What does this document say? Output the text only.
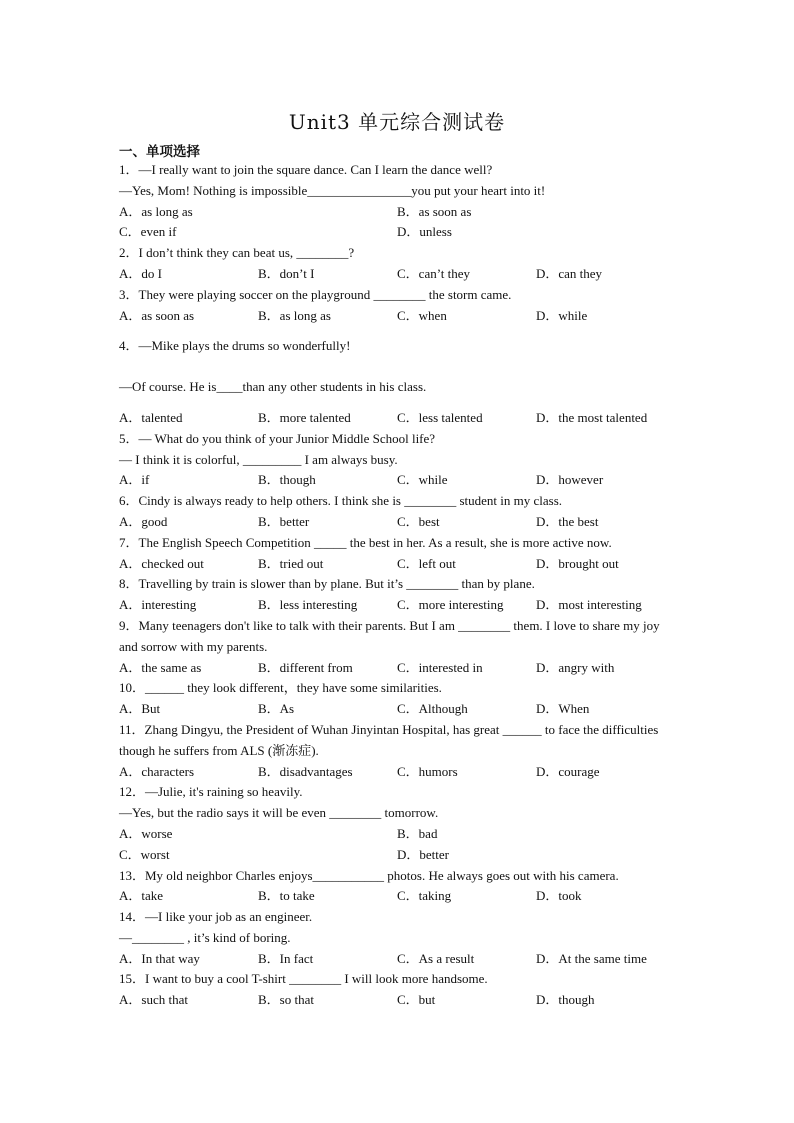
Unit3 单元综合测试卷
一、单项选择
1．—I really want to join the square dance. Can I learn the dance well?
—Yes, Mom! Nothing is impossible________________you put your heart into it!
A．as long as	B．as soon as
C．even if	D．unless
2．I don’t think they can beat us, ________?
A．do I	B．don’t I	C．can’t they	D．can they
3．They were playing soccer on the playground ________ the storm came.
A．as soon as	B．as long as	C．when	D．while
4．—Mike plays the drums so wonderfully!
—Of course. He is____than any other students in his class.
A．talented	B．more talented	C．less talented	D．the most talented
5．— What do you think of your Junior Middle School life?
— I think it is colorful, _________ I am always busy.
A．if	B．though	C．while	D．however
6．Cindy is always ready to help others. I think she is ________ student in my class.
A．good	B．better	C．best	D．the best
7．The English Speech Competition _____ the best in her. As a result, she is more active now.
A．checked out	B．tried out	C．left out	D．brought out
8．Travelling by train is slower than by plane. But it’s ________ than by plane.
A．interesting	B．less interesting	C．more interesting	D．most interesting
9．Many teenagers don't like to talk with their parents. But I am ________ them. I love to share my joy and sorrow with my parents.
A．the same as	B．different from	C．interested in	D．angry with
10．______ they look different，they have some similarities.
A．But	B．As	C．Although	D．When
11．Zhang Dingyu, the President of Wuhan Jinyintan Hospital, has great ______ to face the difficulties though he suffers from ALS (渐冻症).
A．characters	B．disadvantages	C．humors	D．courage
12．—Julie, it's raining so heavily.
—Yes, but the radio says it will be even ________ tomorrow.
A．worse	B．bad
C．worst	D．better
13．My old neighbor Charles enjoys___________ photos. He always goes out with his camera.
A．take	B．to take	C．taking	D．took
14．—I like your job as an engineer.
—________ , it’s kind of boring.
A．In that way	B．In fact	C．As a result	D．At the same time
15．I want to buy a cool T-shirt ________ I will look more handsome.
A．such that	B．so that	C．but	D．though
